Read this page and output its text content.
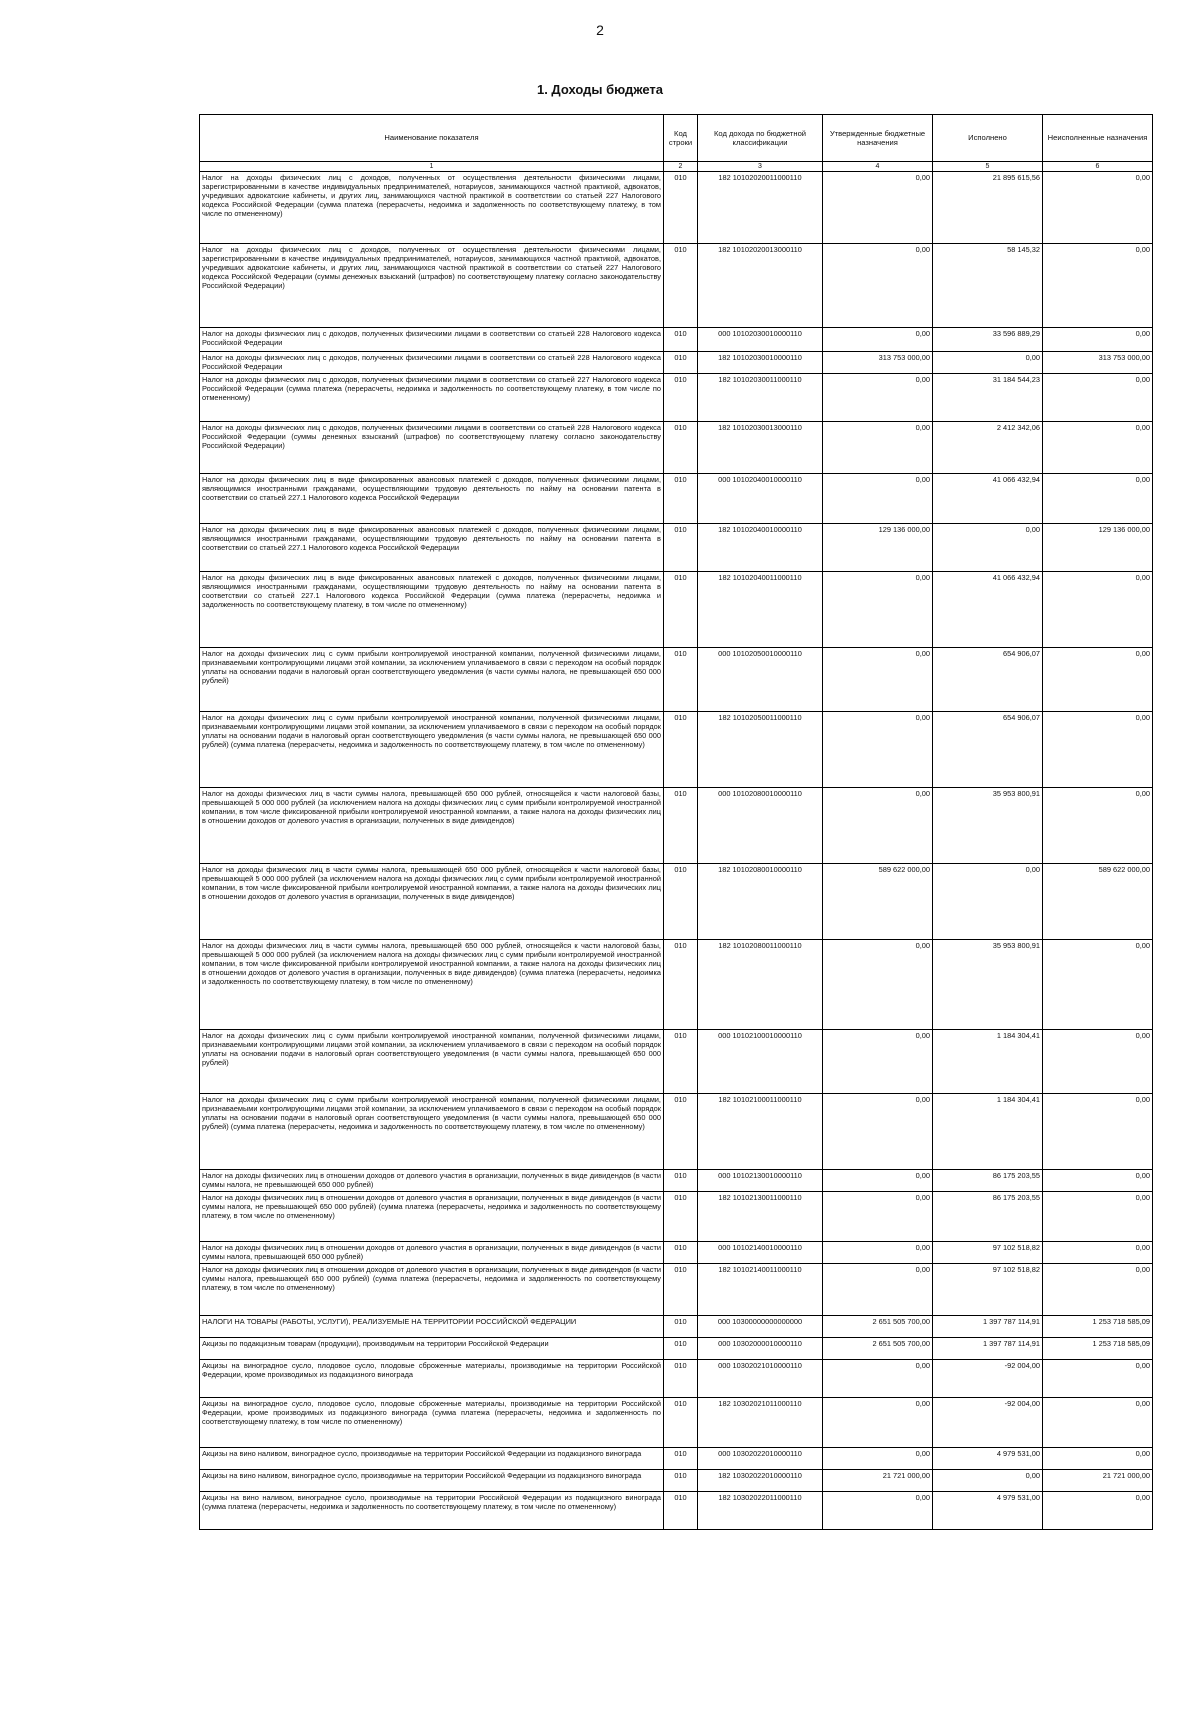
2
1. Доходы бюджета
Наименование показателя	Код строки	Код дохода по бюджетной классификации	Утвержденные бюджетные назначения	Исполнено	Неисполненные назначения
1	2	3	4	5	6
Налог на доходы физических лиц с доходов, полученных от осуществления деятельности физическими лицами, зарегистрированными в качестве индивидуальных предпринимателей, нотариусов, занимающихся частной практикой, адвокатов, учредивших адвокатские кабинеты, и других лиц, занимающихся частной практикой в соответствии со статьей 227 Налогового кодекса Российской Федерации (сумма платежа (перерасчеты, недоимка и задолженность по соответствующему платежу, в том числе по отмененному)	010	182 10102020011000110	0,00	21 895 615,56	0,00
Налог на доходы физических лиц с доходов, полученных от осуществления деятельности физическими лицами, зарегистрированными в качестве индивидуальных предпринимателей, нотариусов, занимающихся частной практикой, адвокатов, учредивших адвокатские кабинеты, и других лиц, занимающихся частной практикой в соответствии со статьей 227 Налогового кодекса Российской Федерации (суммы денежных взысканий (штрафов) по соответствующему платежу согласно законодательству Российской Федерации)	010	182 10102020013000110	0,00	58 145,32	0,00
Налог на доходы физических лиц с доходов, полученных физическими лицами в соответствии со статьей 228 Налогового кодекса Российской Федерации	010	000 10102030010000110	0,00	33 596 889,29	0,00
Налог на доходы физических лиц с доходов, полученных физическими лицами в соответствии со статьей 228 Налогового кодекса Российской Федерации	010	182 10102030010000110	313 753 000,00	0,00	313 753 000,00
Налог на доходы физических лиц с доходов, полученных физическими лицами в соответствии со статьей 227 Налогового кодекса Российской Федерации (сумма платежа (перерасчеты, недоимка и задолженность по соответствующему платежу, в том числе по отмененному)	010	182 10102030011000110	0,00	31 184 544,23	0,00
Налог на доходы физических лиц с доходов, полученных физическими лицами в соответствии со статьей 228 Налогового кодекса Российской Федерации (суммы денежных взысканий (штрафов) по соответствующему платежу согласно законодательству Российской Федерации)	010	182 10102030013000110	0,00	2 412 342,06	0,00
Налог на доходы физических лиц в виде фиксированных авансовых платежей с доходов, полученных физическими лицами, являющимися иностранными гражданами, осуществляющими трудовую деятельность по найму на основании патента в соответствии со статьей 227.1 Налогового кодекса Российской Федерации	010	000 10102040010000110	0,00	41 066 432,94	0,00
Налог на доходы физических лиц в виде фиксированных авансовых платежей с доходов, полученных физическими лицами, являющимися иностранными гражданами, осуществляющими трудовую деятельность по найму на основании патента в соответствии со статьей 227.1 Налогового кодекса Российской Федерации	010	182 10102040010000110	129 136 000,00	0,00	129 136 000,00
Налог на доходы физических лиц в виде фиксированных авансовых платежей с доходов, полученных физическими лицами, являющимися иностранными гражданами, осуществляющими трудовую деятельность по найму на основании патента в соответствии со статьей 227.1 Налогового кодекса Российской Федерации (сумма платежа (перерасчеты, недоимка и задолженность по соответствующему платежу, в том числе по отмененному)	010	182 10102040011000110	0,00	41 066 432,94	0,00
Налог на доходы физических лиц с сумм прибыли контролируемой иностранной компании, полученной физическими лицами, признаваемыми контролирующими лицами этой компании, за исключением уплачиваемого в связи с переходом на особый порядок уплаты на основании подачи в налоговый орган соответствующего уведомления (в части суммы налога, не превышающей 650 000 рублей)	010	000 10102050010000110	0,00	654 906,07	0,00
Налог на доходы физических лиц с сумм прибыли контролируемой иностранной компании, полученной физическими лицами, признаваемыми контролирующими лицами этой компании, за исключением уплачиваемого в связи с переходом на особый порядок уплаты на основании подачи в налоговый орган соответствующего уведомления (в части суммы налога, не превышающей 650 000 рублей) (сумма платежа (перерасчеты, недоимка и задолженность по соответствующему платежу, в том числе по отмененному)	010	182 10102050011000110	0,00	654 906,07	0,00
Налог на доходы физических лиц в части суммы налога, превышающей 650 000 рублей, относящейся к части налоговой базы, превышающей 5 000 000 рублей (за исключением налога на доходы физических лиц с сумм прибыли контролируемой иностранной компании, в том числе фиксированной прибыли контролируемой иностранной компании, а также налога на доходы физических лиц в отношении доходов от долевого участия в организации, полученных в виде дивидендов)	010	000 10102080010000110	0,00	35 953 800,91	0,00
Налог на доходы физических лиц в части суммы налога, превышающей 650 000 рублей, относящейся к части налоговой базы, превышающей 5 000 000 рублей (за исключением налога на доходы физических лиц с сумм прибыли контролируемой иностранной компании, в том числе фиксированной прибыли контролируемой иностранной компании, а также налога на доходы физических лиц в отношении доходов от долевого участия в организации, полученных в виде дивидендов)	010	182 10102080010000110	589 622 000,00	0,00	589 622 000,00
Налог на доходы физических лиц в части суммы налога, превышающей 650 000 рублей, относящейся к части налоговой базы, превышающей 5 000 000 рублей (за исключением налога на доходы физических лиц с сумм прибыли контролируемой иностранной компании, в том числе фиксированной прибыли контролируемой иностранной компании, а также налога на доходы физических лиц в отношении доходов от долевого участия в организации, полученных в виде дивидендов) (сумма платежа (перерасчеты, недоимка и задолженность по соответствующему платежу, в том числе по отмененному)	010	182 10102080011000110	0,00	35 953 800,91	0,00
Налог на доходы физических лиц с сумм прибыли контролируемой иностранной компании, полученной физическими лицами, признаваемыми контролирующими лицами этой компании, за исключением уплачиваемого в связи с переходом на особый порядок уплаты на основании подачи в налоговый орган соответствующего уведомления (в части суммы налога, превышающей 650 000 рублей)	010	000 10102100010000110	0,00	1 184 304,41	0,00
Налог на доходы физических лиц с сумм прибыли контролируемой иностранной компании, полученной физическими лицами, признаваемыми контролирующими лицами этой компании, за исключением уплачиваемого в связи с переходом на особый порядок уплаты на основании подачи в налоговый орган соответствующего уведомления (в части суммы налога, превышающей 650 000 рублей) (сумма платежа (перерасчеты, недоимка и задолженность по соответствующему платежу, в том числе по отмененному)	010	182 10102100011000110	0,00	1 184 304,41	0,00
Налог на доходы физических лиц в отношении доходов от долевого участия в организации, полученных в виде дивидендов (в части суммы налога, не превышающей 650 000 рублей)	010	000 10102130010000110	0,00	86 175 203,55	0,00
Налог на доходы физических лиц в отношении доходов от долевого участия в организации, полученных в виде дивидендов (в части суммы налога, не превышающей 650 000 рублей) (сумма платежа (перерасчеты, недоимка и задолженность по соответствующему платежу, в том числе по отмененному)	010	182 10102130011000110	0,00	86 175 203,55	0,00
Налог на доходы физических лиц в отношении доходов от долевого участия в организации, полученных в виде дивидендов (в части суммы налога, превышающей 650 000 рублей)	010	000 10102140010000110	0,00	97 102 518,82	0,00
Налог на доходы физических лиц в отношении доходов от долевого участия в организации, полученных в виде дивидендов (в части суммы налога, превышающей 650 000 рублей) (сумма платежа (перерасчеты, недоимка и задолженность по соответствующему платежу, в том числе по отмененному)	010	182 10102140011000110	0,00	97 102 518,82	0,00
НАЛОГИ НА ТОВАРЫ (РАБОТЫ, УСЛУГИ), РЕАЛИЗУЕМЫЕ НА ТЕРРИТОРИИ РОССИЙСКОЙ ФЕДЕРАЦИИ	010	000 10300000000000000	2 651 505 700,00	1 397 787 114,91	1 253 718 585,09
Акцизы по подакцизным товарам (продукции), производимым на территории Российской Федерации	010	000 10302000010000110	2 651 505 700,00	1 397 787 114,91	1 253 718 585,09
Акцизы на виноградное сусло, плодовое сусло, плодовые сброженные материалы, производимые на территории Российской Федерации, кроме производимых из подакцизного винограда	010	000 10302021010000110	0,00	-92 004,00	0,00
Акцизы на виноградное сусло, плодовое сусло, плодовые сброженные материалы, производимые на территории Российской Федерации, кроме производимых из подакцизного винограда (сумма платежа (перерасчеты, недоимка и задолженность по соответствующему платежу, в том числе по отмененному)	010	182 10302021011000110	0,00	-92 004,00	0,00
Акцизы на вино наливом, виноградное сусло, производимые на территории Российской Федерации из подакцизного винограда	010	000 10302022010000110	0,00	4 979 531,00	0,00
Акцизы на вино наливом, виноградное сусло, производимые на территории Российской Федерации из подакцизного винограда	010	182 10302022010000110	21 721 000,00	0,00	21 721 000,00
Акцизы на вино наливом, виноградное сусло, производимые на территории Российской Федерации из подакцизного винограда (сумма платежа (перерасчеты, недоимка и задолженность по соответствующему платежу, в том числе по отмененному)	010	182 10302022011000110	0,00	4 979 531,00	0,00
